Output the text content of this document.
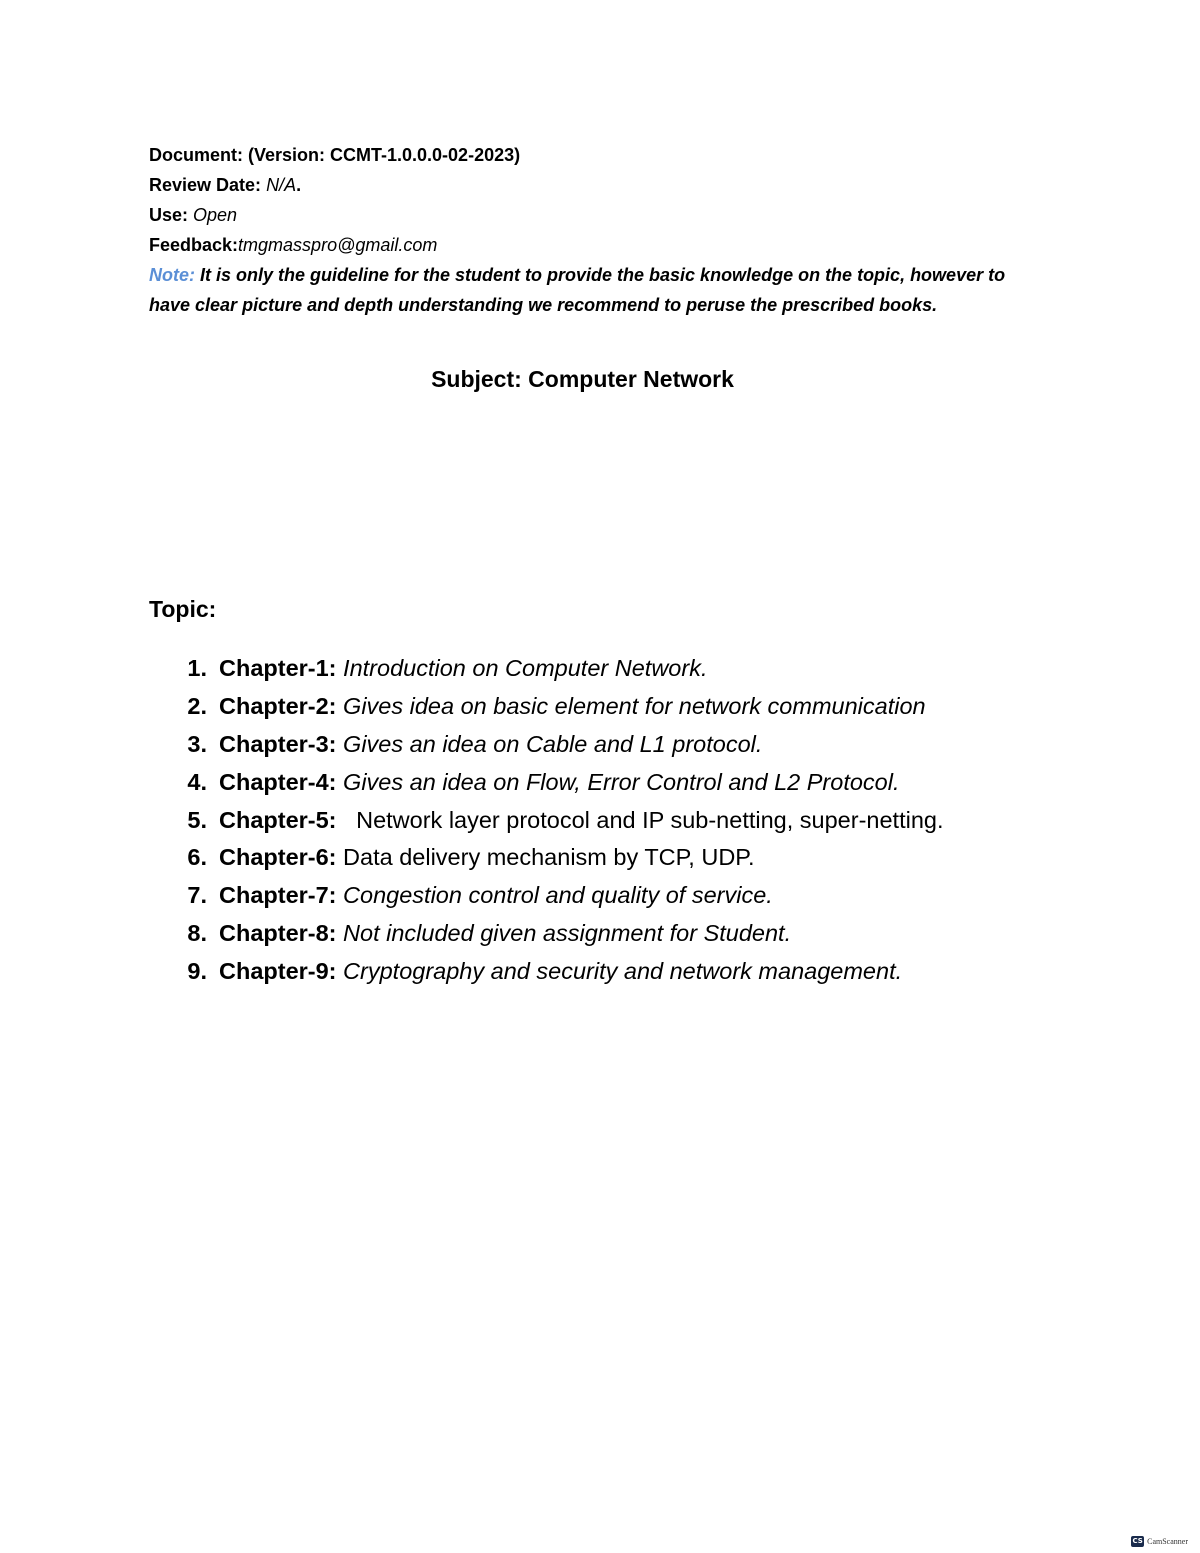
Document: (Version: CCMT-1.0.0.0-02-2023)
Review Date: N/A.
Use: Open
Feedback:tmgmasspro@gmail.com
Note: It is only the guideline for the student to provide the basic knowledge on the topic, however to
have clear picture and depth understanding we recommend to peruse the prescribed books.
Subject: Computer Network
Topic:
1. Chapter-1:
Introduction on Computer Network.
2. Chapter-2:
Gives idea on basic element for network communication
3. Chapter-3:
Gives an idea on Cable and L1 protocol.
4. Chapter-4:
Gives an idea on Flow, Error Control and L2 Protocol.
5. Chapter-5:
Network layer protocol and IP sub-netting, super-netting.
6. Chapter-6:
Data delivery mechanism by TCP, UDP.
7. Chapter-7:
Congestion control and quality of service.
8. Chapter-8:
Not included given assignment for Student.
9. Chapter-9:
Cryptography and security and network management.
CS CamScanner
